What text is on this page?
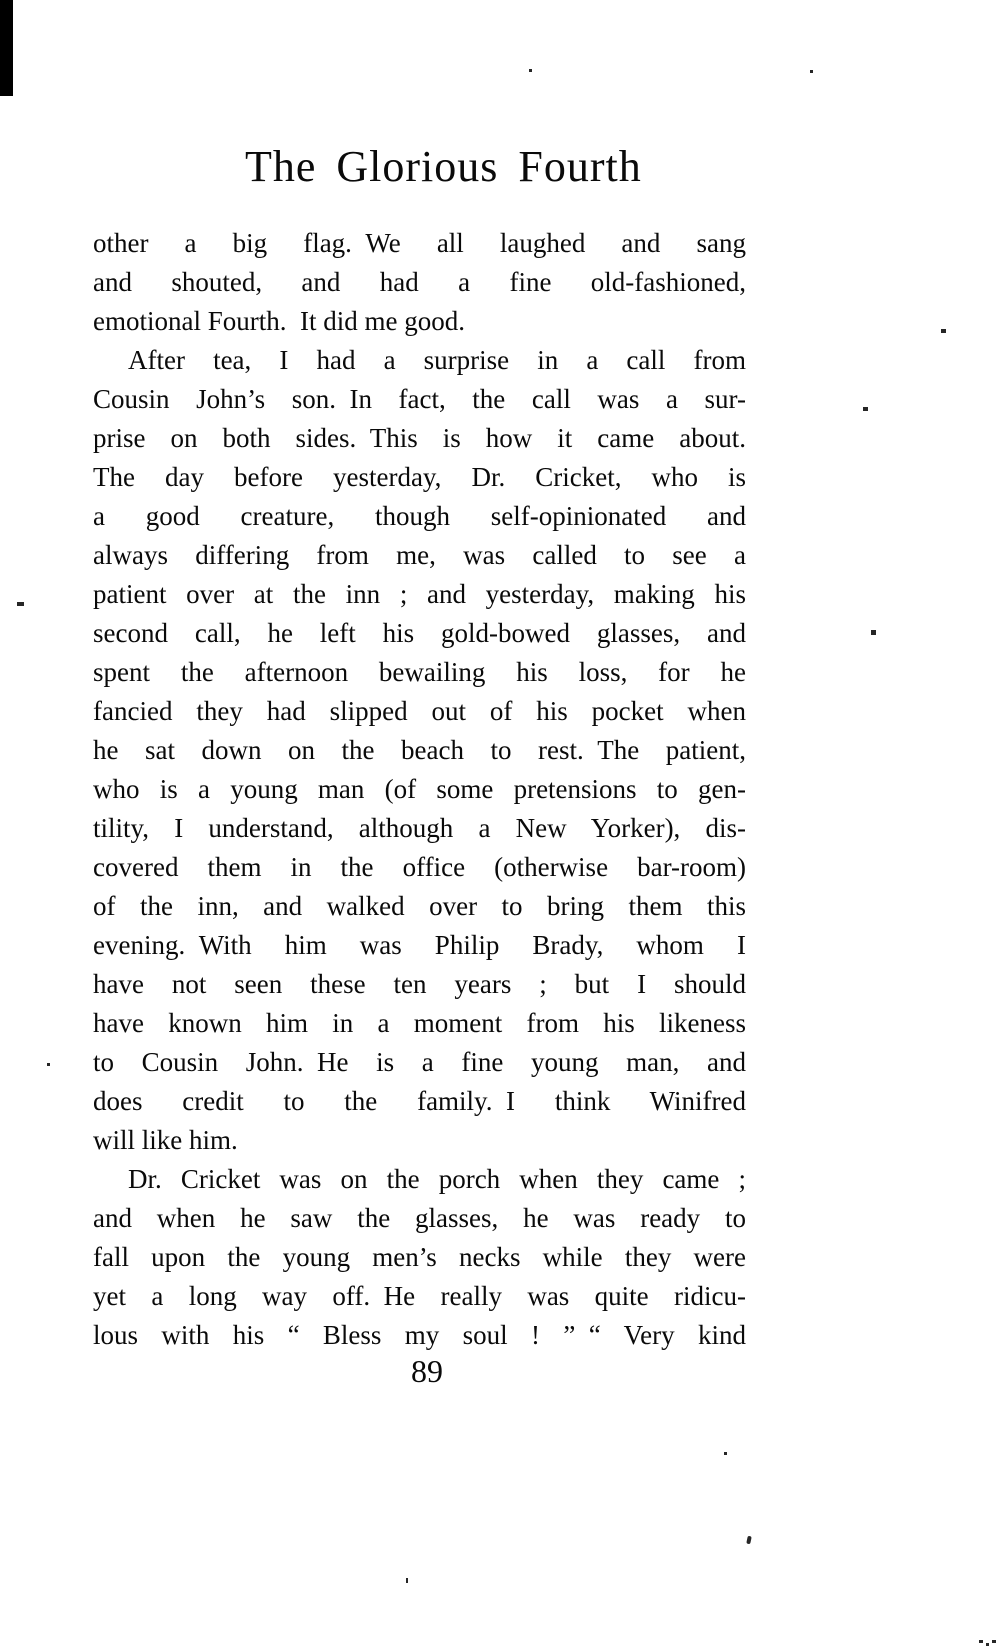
The Glorious Fourth
other a big flag. We all laughed and sang
and shouted, and had a fine old-fashioned,
emotional Fourth. It did me good.
After tea, I had a surprise in a call from
Cousin John’s son. In fact, the call was a sur-
prise on both sides. This is how it came about.
The day before yesterday, Dr. Cricket, who is
a good creature, though self-opinionated and
always differing from me, was called to see a
patient over at the inn ; and yesterday, making his
second call, he left his gold-bowed glasses, and
spent the afternoon bewailing his loss, for he
fancied they had slipped out of his pocket when
he sat down on the beach to rest. The patient,
who is a young man (of some pretensions to gen-
tility, I understand, although a New Yorker), dis-
covered them in the office (otherwise bar-room)
of the inn, and walked over to bring them this
evening. With him was Philip Brady, whom I
have not seen these ten years ; but I should
have known him in a moment from his likeness
to Cousin John. He is a fine young man, and
does credit to the family. I think Winifred
will like him.
Dr. Cricket was on the porch when they came ;
and when he saw the glasses, he was ready to
fall upon the young men’s necks while they were
yet a long way off. He really was quite ridicu-
lous with his “ Bless my soul ! ” “ Very kind
89
